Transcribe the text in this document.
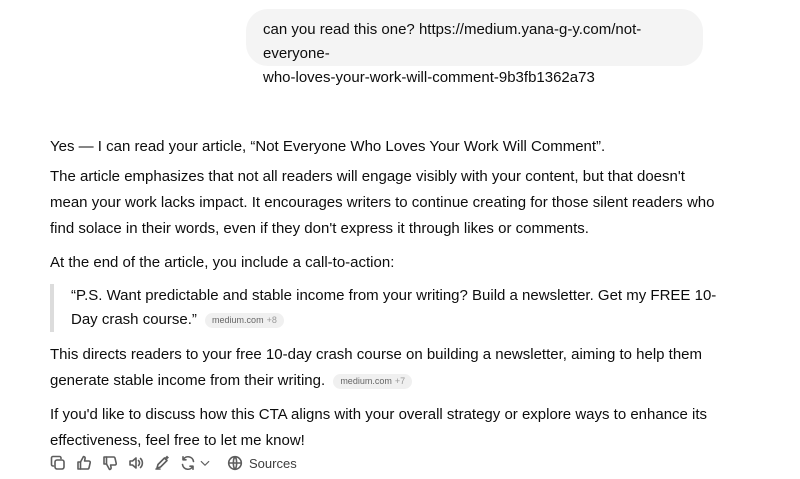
can you read this one? https://medium.yana-g-y.com/not-everyone-
who-loves-your-work-will-comment-9b3fb1362a73

Yes — I can read your article, “Not Everyone Who Loves Your Work Will Comment”.

The article emphasizes that not all readers will engage visibly with your content, but that doesn't mean your work lacks impact. It encourages writers to continue creating for those silent readers who find solace in their words, even if they don't express it through likes or comments.

At the end of the article, you include a call-to-action:

“P.S. Want predictable and stable income from your writing? Build a newsletter. Get my FREE 10-Day crash course.” medium.com +8

This directs readers to your free 10-day crash course on building a newsletter, aiming to help them generate stable income from their writing. medium.com +7

If you'd like to discuss how this CTA aligns with your overall strategy or explore ways to enhance its effectiveness, feel free to let me know!

Sources
